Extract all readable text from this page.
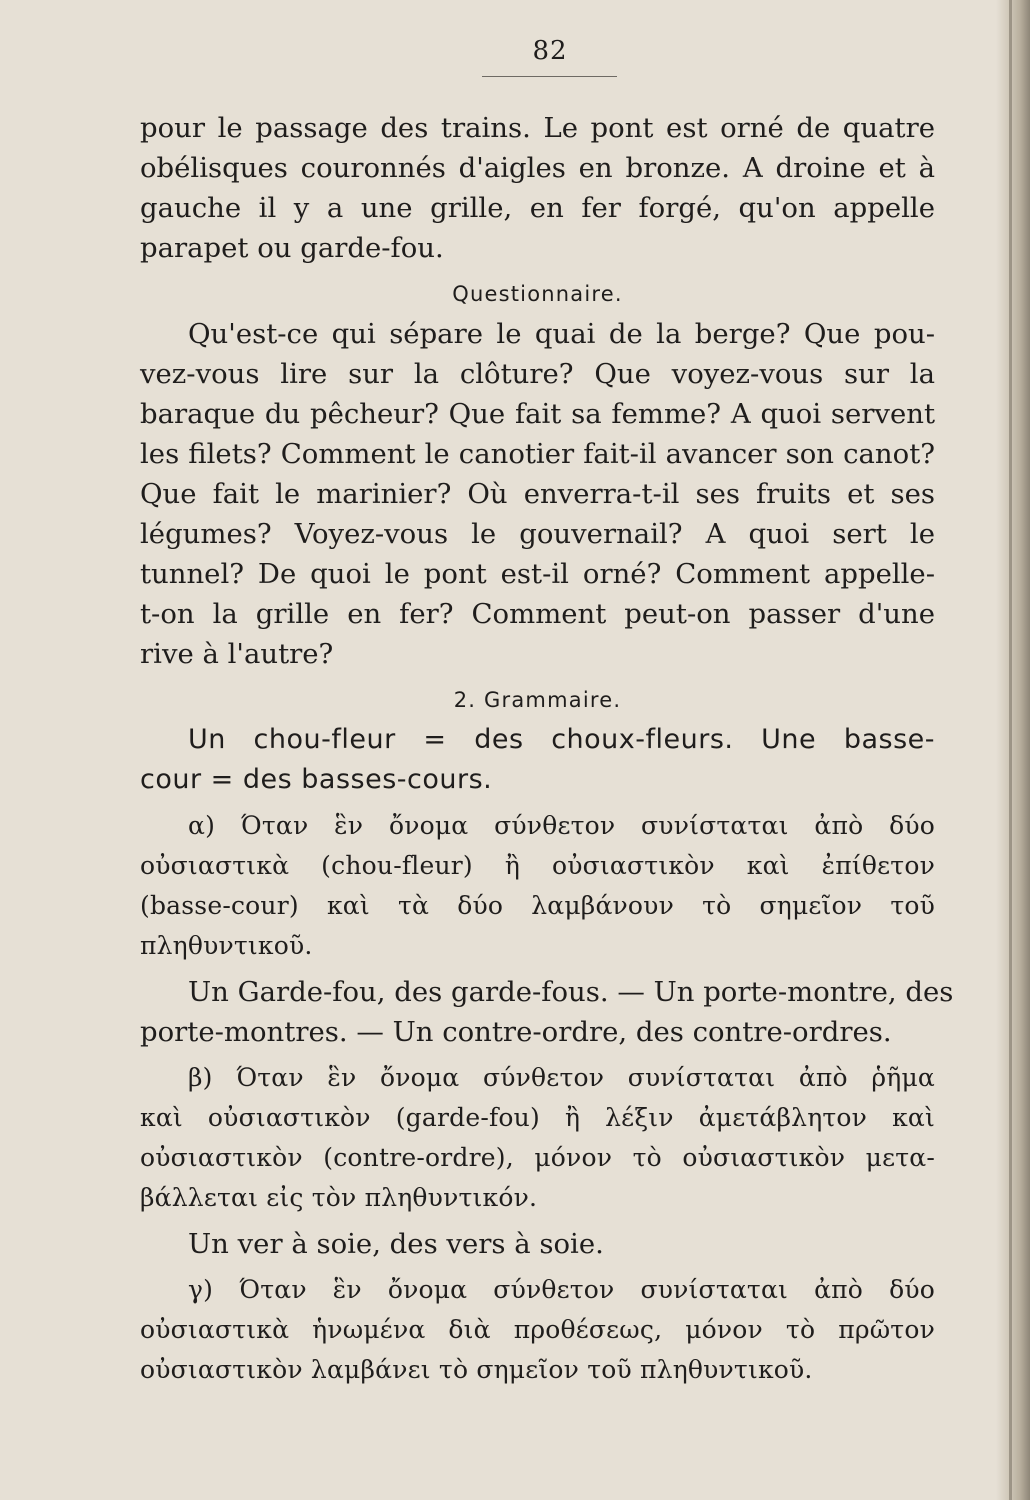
82
pour le passage des trains. Le pont est orné de quatre
obélisques couronnés d'aigles en bronze. A droine et à
gauche il y a une grille, en fer forgé, qu'on appelle
parapet ou garde-fou.
Questionnaire.
Qu'est-ce qui sépare le quai de la berge? Que pou-
vez-vous lire sur la clôture? Que voyez-vous sur la
baraque du pêcheur? Que fait sa femme? A quoi servent
les filets? Comment le canotier fait-il avancer son canot?
Que fait le marinier? Où enverra-t-il ses fruits et ses
légumes? Voyez-vous le gouvernail? A quoi sert le
tunnel? De quoi le pont est-il orné? Comment appelle-
t-on la grille en fer? Comment peut-on passer d'une
rive à l'autre?
2. Grammaire.
Un chou-fleur = des choux-fleurs. Une basse-
cour = des basses-cours.
α) Όταν ἓν ὄνομα σύνθετον συνίσταται ἀπὸ δύο
οὐσιαστικὰ (chou-fleur) ἢ οὐσιαστικὸν καὶ ἐπίθετον
(basse-cour) καὶ τὰ δύο λαμβάνουν τὸ σημεῖον τοῦ
πληθυντικοῦ.
Un Garde-fou, des garde-fous. — Un porte-montre, des
porte-montres. — Un contre-ordre, des contre-ordres.
β) Όταν ἓν ὄνομα σύνθετον συνίσταται ἀπὸ ῥῆμα
καὶ οὐσιαστικὸν (garde-fou) ἢ λέξιν ἀμετάβλητον καὶ
οὐσιαστικὸν (contre-ordre), μόνον τὸ οὐσιαστικὸν μετα-
βάλλεται εἰς τὸν πληθυντικόν.
Un ver à soie, des vers à soie.
γ) Όταν ἓν ὄνομα σύνθετον συνίσταται ἀπὸ δύο
οὐσιαστικὰ ἡνωμένα διὰ προθέσεως, μόνον τὸ πρῶτον
οὐσιαστικὸν λαμβάνει τὸ σημεῖον τοῦ πληθυντικοῦ.
